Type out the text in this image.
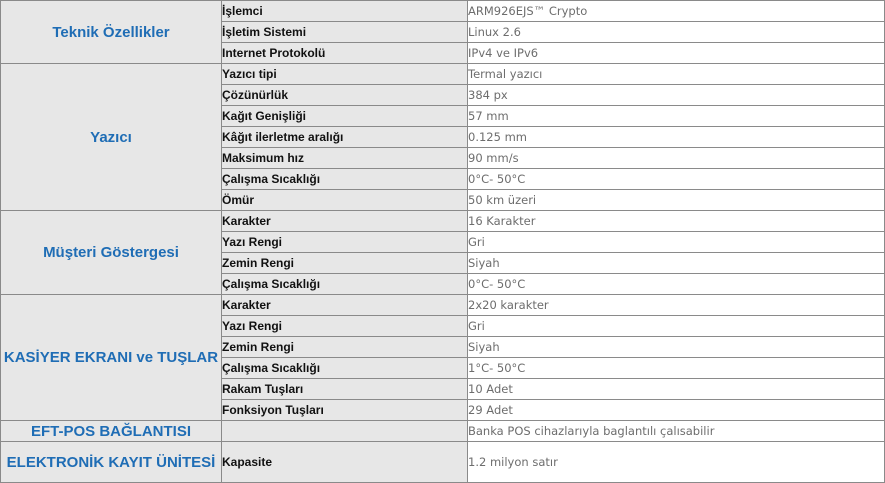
Teknik Özellikler	İşlemci	ARM926EJS™ Crypto
	İşletim Sistemi	Linux 2.6
	Internet Protokolü	IPv4 ve IPv6
Yazıcı	Yazıcı tipi	Termal yazıcı
	Çözünürlük	384 px
	Kağıt Genişliği	57 mm
	Kâğıt ilerletme aralığı	0.125 mm
	Maksimum hız	90 mm/s
	Çalışma Sıcaklığı	0°C- 50°C
	Ömür	50 km üzeri
Müşteri Göstergesi	Karakter	16 Karakter
	Yazı Rengi	Gri
	Zemin Rengi	Siyah
	Çalışma Sıcaklığı	0°C- 50°C
KASİYER EKRANI ve TUŞLAR	Karakter	2x20 karakter
	Yazı Rengi	Gri
	Zemin Rengi	Siyah
	Çalışma Sıcaklığı	1°C- 50°C
	Rakam Tuşları	10 Adet
	Fonksiyon Tuşları	29 Adet
EFT-POS BAĞLANTISI		Banka POS cihazlarıyla baglantılı çalısabilir
ELEKTRONİK KAYIT ÜNİTESİ	Kapasite	1.2 milyon satır
